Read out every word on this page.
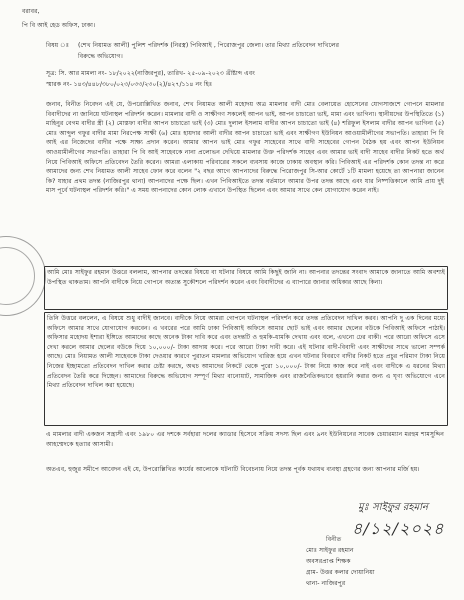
বরাবর,
পি বি আই হেড অফিস, ঢাকা।
বিষয় ঃ (শেখ নিয়ামত আলী) পুলিশ পরিদর্শক (নিরস্ত্র) পিবিআই , পিরোজপুর জেলা। তার মিথ্যা প্রতিবেদন দাখিলের
বিরুদ্ধে অভিযোগ।
সূত্র: সি. আর মামলা নং- ১৮/২০২২(নাজিরপুর), তারিখ- ২৫-০৯-২০২৩ খ্রীষ্টাব্দ এবং
স্মারক নং- ১৪৩/৪৪৮/৩৮০/০২৩/০৩৩/২৩০(২)/৪২৭/১১৪ নং হিঃ
জনাব, বিনীত নিবেদন এই যে, উপরোল্লিখিত জনাব, শেখ নিয়ামত আলী মহোদয় অত্র মামলার বাদী মোঃ বেলায়েত হোসেনের যোগসাজশে গোপনে মামলার বিবাদীদের না জানিয়ে ঘটনাস্থল পরিদর্শন করেন। মামলার বাদী ও সাক্ষীগণ সকলেই আপন ভাই, আপন চাচাতো ভাই, মামা এবং ভাগিনা। স্থানীয়দের উপস্থিতিতে (১) মাহিনুর বেগম বাদীর স্ত্রী (২) মোস্তফা বাদীর আপন চাচাতো ভাই (৩) মোঃ দুলাল ইসলাম বাদীর আপন চাচাতো ভাই (৪) শরিফুল ইসলাম বাদীর আপন ভাগিনা (৫) মোঃ আব্দুল গফুর বাদীর মামা নিরপেক্ষ সাক্ষী (৬) মোঃ হায়দার আলী বাদীর আপন চাচাতো ভাই এবং সাক্ষীগণ ইউনিয়ন আওয়ামীলীগের সভাপতি। তাহারা পি বি আই এর নিজেদের বাদীর পক্ষে সাক্ষ্য প্রদান করেন। আমার আপন ভাই মোঃ গফুর সাহেবের সাথে বাদী সাহেবের গোপন বৈঠক হয় এবং আপন ইউনিয়ন আওয়ামীলীগের সভাপতি। তাহারা পি বি আই সাহেবকে নানা প্রলোভন দেখিয়ে মামলার উক্ত পরিদর্শক সাহেব এবং আমার ভাই বাদী সাহেব বাদীর নিকট হতে অর্থ নিয়ে পিবিআই অফিসে প্রতিবেদন তৈরি করেন। আমরা এলাকায় পরিবারের সকলে ব্যবসায় কাজে ঢাকায় অবস্থান করি। পিবিআই এর পরিদর্শক কোন তদন্ত না করে আমাদের জন্য শেখ নিয়ামত আলী সাহেব ফোন করে বলেন "২ বছর আগে আপনাদের বিরুদ্ধে পিরোজপুর সি-আর কোর্টে ১টি মামলা হয়েছে তা আপনারা জানেন কি? যাহার প্রথম তদন্ত (নাজিরপুর থানা) আপনাদের পক্ষে ছিল। এখন পিবিআইতে তদন্ত বর্তমানে আমার উপর তদন্ত আছে এবং যার নিষ্পত্তিকালে আমি প্রায় দুই মাস পূর্বে ঘটনাস্থল পরিদর্শন করি।" এ সময় আপনাদের কোন লোক এখানে উপস্থিত ছিলেন এবং আমার সাথে কেন যোগাযোগ করেন নাই।
আমি মোঃ সাইফুর রহমান উত্তরে বললাম, আপনার তদন্তের বিষয়ে বা ঘটনার বিষয়ে আমি কিছুই জানি না। আপনার তদন্তের সংবাদ আমাকে জানাতে আমি অবশ্যই উপস্থিত থাকতাম। আপনি বাদীকে নিয়ে গোপনে অত্যন্ত সুকৌশলে পরিদর্শন করেন এবং বিবাদীদের এ ব্যাপারে জানার অধিকার আছে কিনা।
তিনি উত্তরে বললেন, এ বিষয়ে শুধু বাদীই জানবে। বাদীকে নিয়ে আমরা গোপনে ঘটনাস্থল পরিদর্শন করে তদন্ত প্রতিবেদন দাখিল করব। আপনি দু এক দিনের মধ্যে অফিসে আমার সাথে যোগাযোগ করবেন। এ খবরের পরে আমি ঢাকা পিবিআই অফিসে আমার ছোট ভাই এবং আমার ছেলের বউকে পিবিআই অফিসে পাঠাই। অফিসার মহোদয় ইশারা ইঙ্গিতে আমাদের কাছে অনেক টাকা দাবি করে এবং তদন্তটি ও হুমকি-ধামকি দেখায় এবং বলে, এখনো ঢের বাকী। পরে আরো অফিসে এসে দেখা করলে আমার ছেলের বউকে দিয়ে ১০,০০০/- টাকা আদায় করে। পরে আরো টাকা দাবী করে। এই ঘটনার বাদী-বিবাদী এবং সাক্ষীদের সাথে ভালো সম্পর্ক আছে। মোঃ নিয়ামত আলী সাহেবকে টাকা দেওয়ার কারণে পুরাতন মামলার অভিযোগ খারিজ হয়ে এখন ঘটনার বিবরণে বাদীর নিকট হতে প্রচুর পরিমাণ টাকা নিয়ে নিজের ইচ্ছামতো প্রতিবেদন দাখিল করার চেষ্টা করছে, অথচ আমাদের নিকটে থেকে পুরো ১০,০০০/- টাকা নিয়ে কাজ করে নাই এবং বাদীকে এ ধরনের মিথ্যা প্রতিবেদন তৈরি করে দিচ্ছেন। আমাদের বিরুদ্ধে অভিযোগ সম্পূর্ণ মিথ্যা বানোয়াট, সামাজিক এবং রাজনৈতিকভাবে হয়রানি করার জন্য এ ঘৃণ্য অভিযোগে এনে মিথ্যা প্রতিবেদন দাখিল করা হয়েছে।
এ মামলার বাদী একজন সন্ত্রাসী এবং ১৯৮০ এর দশকে সর্বহারা দলের ক্যাডার হিসেবে সক্রিয় সদস্য ছিল এবং ৯নং ইউনিয়নের সাবেক চেয়ারম্যান মরহুম শামসুদ্দিন আহম্মেদকে হত্যার আসামী।
অতএব, হুজুর সমীপে আবেদন এই যে, উপরোল্লিখিত কার্যের আলোকে ঘটনাটি বিবেচনায় নিয়ে তদন্ত পূর্বক যথাযথ ব্যবস্থা গ্রহণের জন্য আপনার মর্জি হয়।
মুঃ সাইফুর রহমান
৪/১২/২০২৪
বিনীত
মোঃ সাইফুর রহমান
অবসরপ্রাপ্ত শিক্ষক
গ্রাম- উত্তর কলার দোয়ানিয়া
থানা- নাজিরপুর
